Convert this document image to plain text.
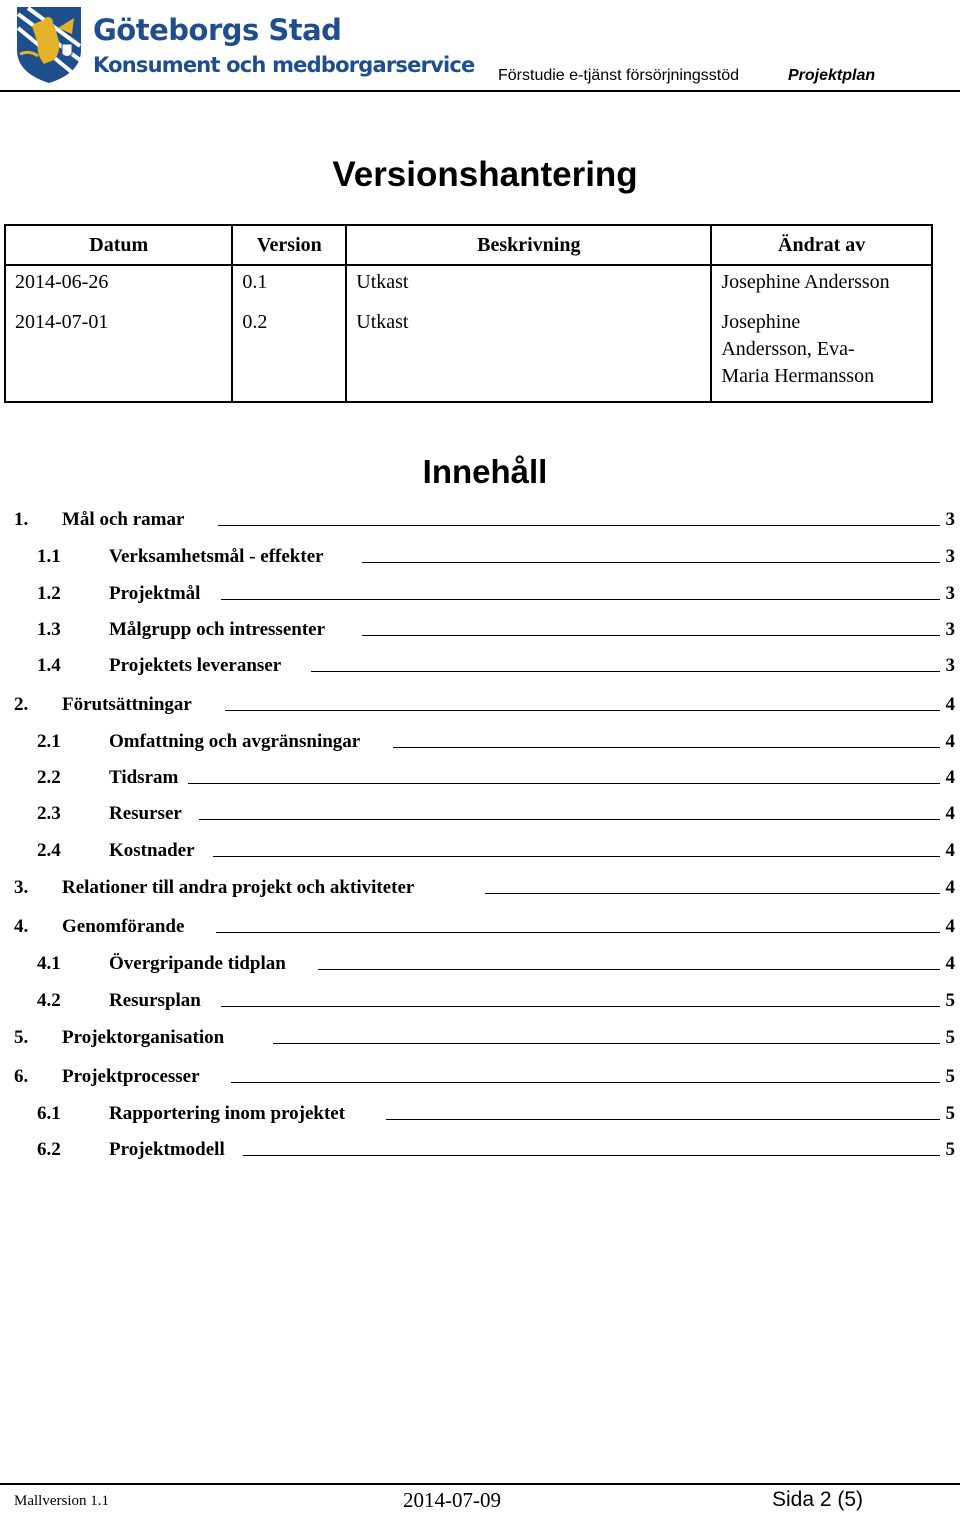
Göteborgs Stad
Konsument och medborgarservice Förstudie e-tjänst försörjningsstöd	Projektplan
Versionshantering
Datum	Version	Beskrivning	Ändrat av
2014-06-26	0.1	Utkast	Josephine Andersson
2014-07-01	0.2	Utkast	Josephine
Andersson, Eva-
Maria Hermansson
Innehåll
1. Mål och ramar	3
1.1	Verksamhetsmål - effekter	3
1.2	Projektmål	3
1.3	Målgrupp och intressenter	3
1.4	Projektets leveranser	3
2. Förutsättningar	4
2.1	Omfattning och avgränsningar	4
2.2	Tidsram	4
2.3	Resurser	4
2.4	Kostnader	4
3. Relationer till andra projekt och aktiviteter	4
4. Genomförande	4
4.1	Övergripande tidplan	4
4.2	Resursplan	5
5. Projektorganisation	5
6. Projektprocesser	5
6.1	Rapportering inom projektet	5
6.2	Projektmodell	5
Mallversion 1.1	2014-07-09	Sida 2 (5)
